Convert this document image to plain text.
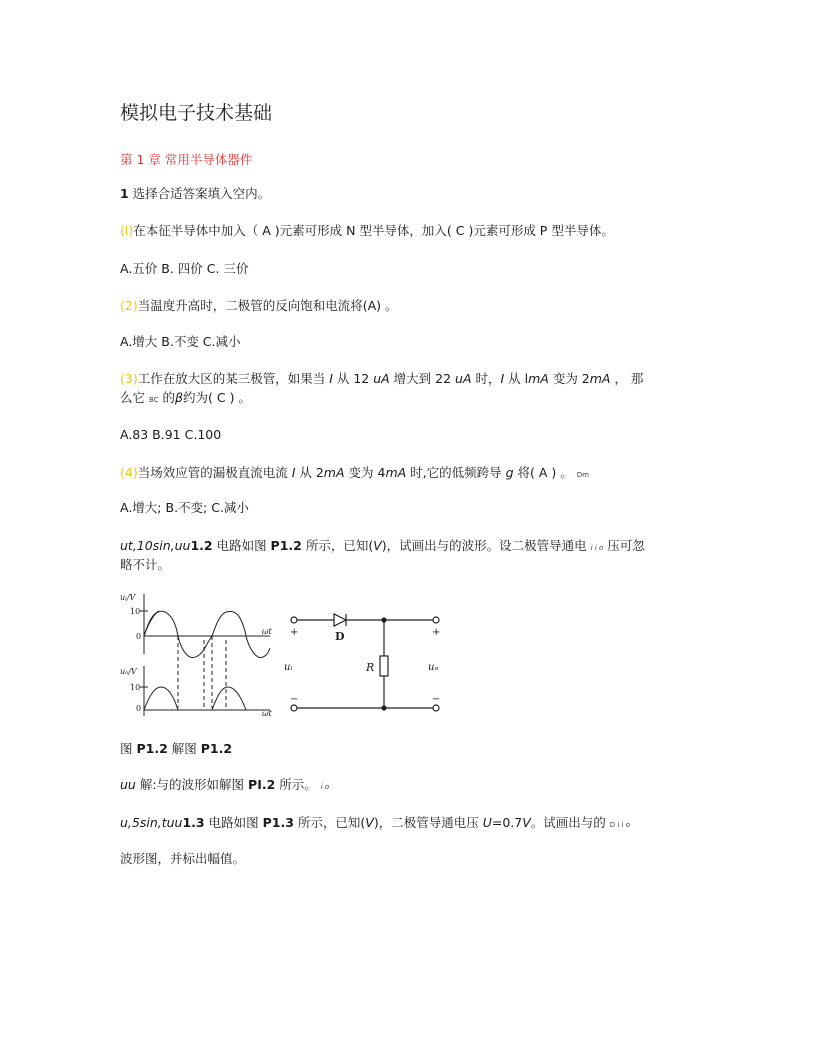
模拟电子技术基础
第 1 章 常用半导体器件
1 选择合适答案填入空内。
(l)在本征半导体中加入（ A )元素可形成 N 型半导体，加入( C )元素可形成 P 型半导体。
A.五价 B. 四价 C. 三价
(2)当温度升高时，二极管的反向饱和电流将(A) 。
A.增大 B.不变 C.减小
(3)工作在放大区的某三极管，如果当 I 从 12 uA 增大到 22 uA 时，I 从 lmA 变为 2mA ， 那
么它 BC 的β约为( C ) 。
A.83 B.91 C.100
(4)当场效应管的漏极直流电流 I 从 2mA 变为 4mA 时,它的低频跨导 g 将( A ) 。 Dm
A.增大; B.不变; C.减小
ut,10sin,uu1.2 电路如图 P1.2 所示，已知(V)，试画出与的波形。设二极管导通电 i i o 压可忽
略不计。
uᵢ/V
10
0
ωt
uₒ/V
10
0
ωt
+
−
+
−
D
R
uᵢ	uₒ
图 P1.2 解图 P1.2
uu 解:与的波形如解图 PI.2 所示。 i o
u,5sin,tuu1.3 电路如图 P1.3 所示，已知(V)，二极管导通电压 U=0.7V。试画出与的 D i i o
波形图，并标出幅值。
